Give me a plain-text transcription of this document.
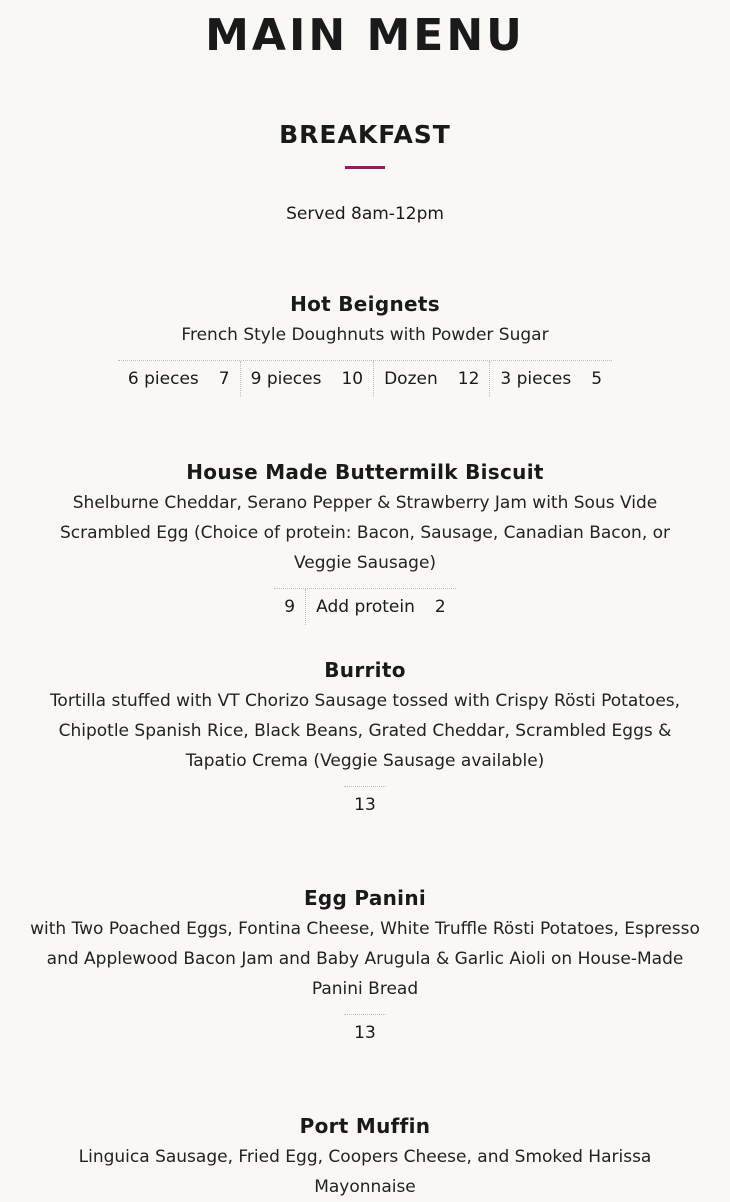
MAIN MENU
BREAKFAST
Served 8am-12pm
Hot Beignets
French Style Doughnuts with Powder Sugar
6 pieces 7 9 pieces 10 Dozen 12 3 pieces 5
House Made Buttermilk Biscuit
Shelburne Cheddar, Serano Pepper & Strawberry Jam with Sous Vide Scrambled Egg (Choice of protein: Bacon, Sausage, Canadian Bacon, or Veggie Sausage)
9 Add protein 2
Burrito
Tortilla stuffed with VT Chorizo Sausage tossed with Crispy Rösti Potatoes, Chipotle Spanish Rice, Black Beans, Grated Cheddar, Scrambled Eggs & Tapatio Crema (Veggie Sausage available)
13
Egg Panini
with Two Poached Eggs, Fontina Cheese, White Truffle Rösti Potatoes, Espresso and Applewood Bacon Jam and Baby Arugula & Garlic Aioli on House-Made Panini Bread
13
Port Muffin
Linguica Sausage, Fried Egg, Coopers Cheese, and Smoked Harissa Mayonnaise
